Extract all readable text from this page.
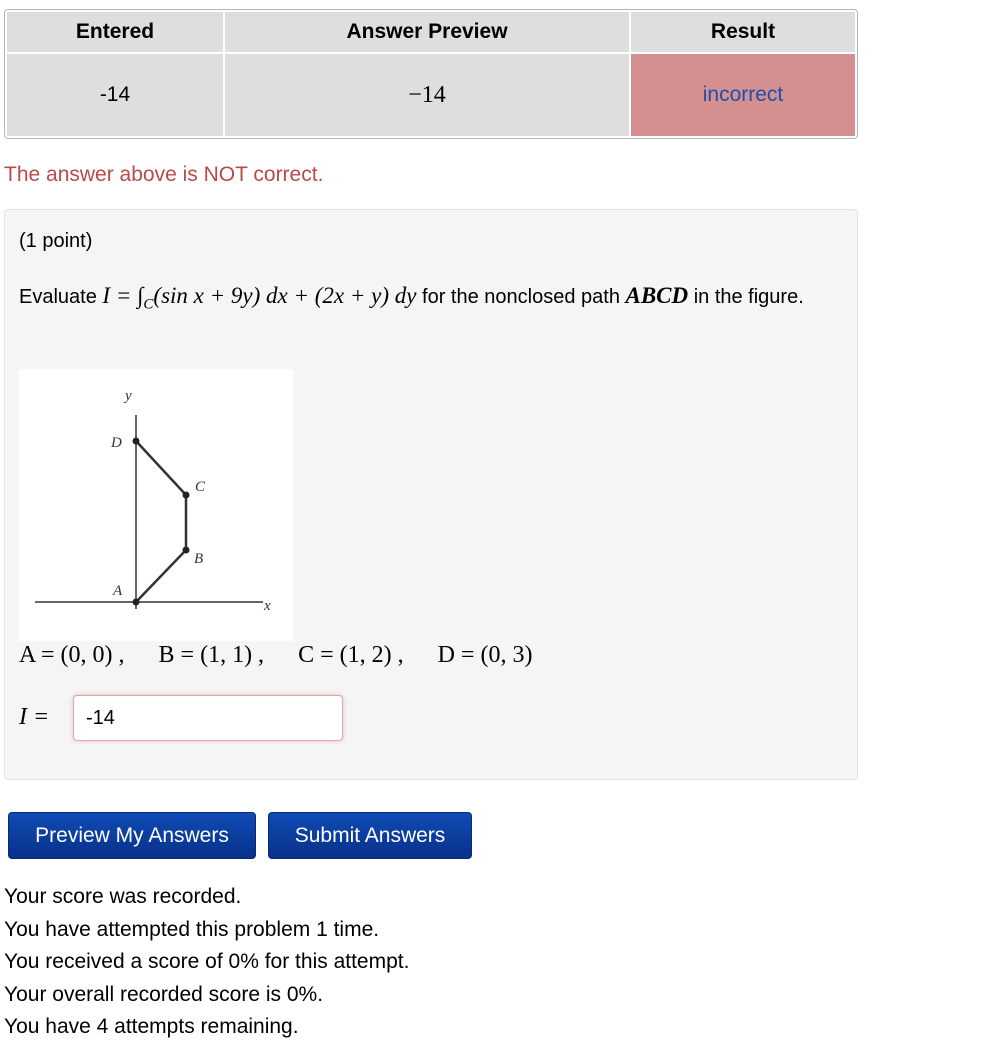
Entered	Answer Preview	Result
-14	−14	incorrect
The answer above is NOT correct.
(1 point)
Evaluate $I = \int_C(\sin$ x + 9y) dx + (2x + y) dy for the nonclosed path ABCD in the figure.
y
x
A
B
C
D
A = (0, 0) , B = (1, 1) , C = (1, 2) , D = (0, 3)
I =
-14
Preview My Answers	Submit Answers
Your score was recorded.
You have attempted this problem 1 time.
You received a score of 0% for this attempt.
Your overall recorded score is 0%.
You have 4 attempts remaining.
